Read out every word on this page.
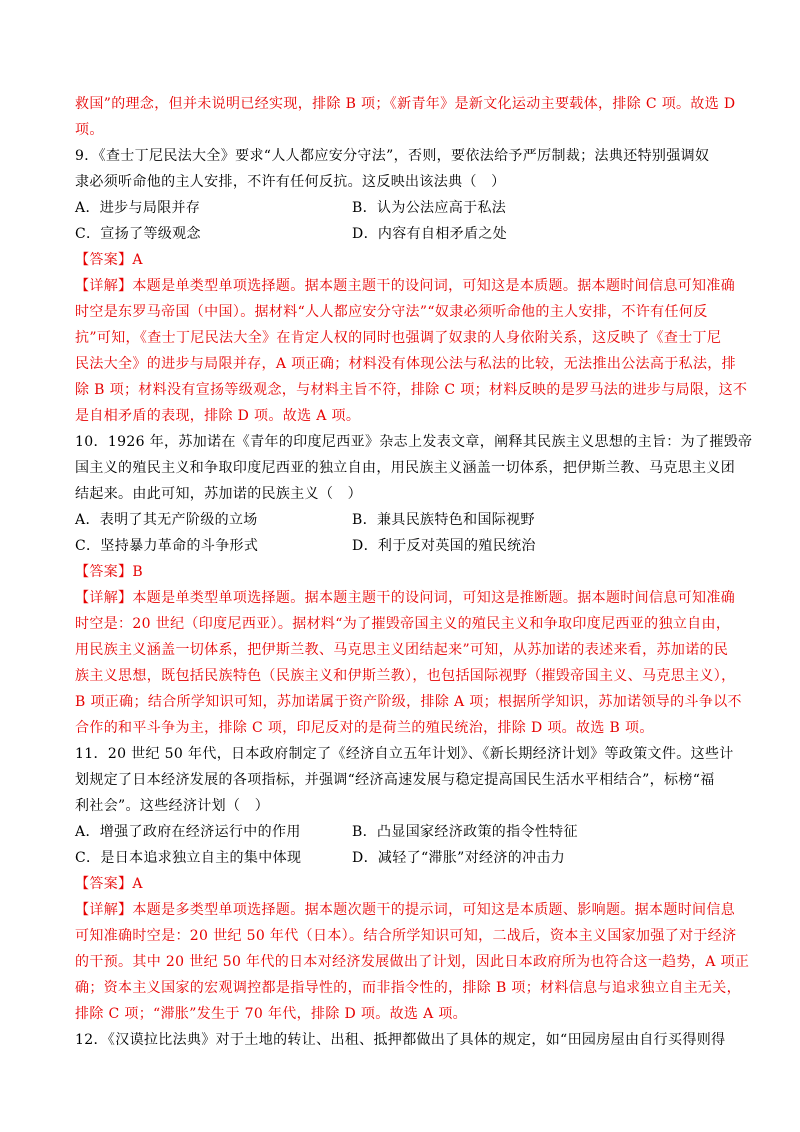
救国”的理念，但并未说明已经实现，排除 B 项；《新青年》是新文化运动主要载体，排除 C 项。故选 D
项。
9．《查士丁尼民法大全》要求“人人都应安分守法”，否则，要依法给予严厉制裁；法典还特别强调奴
隶必须听命他的主人安排，不许有任何反抗。这反映出该法典（　）
A．进步与局限并存	B．认为公法应高于私法
C．宣扬了等级观念	D．内容有自相矛盾之处
【答案】A
【详解】本题是单类型单项选择题。据本题主题干的设问词，可知这是本质题。据本题时间信息可知准确
时空是东罗马帝国（中国）。据材料“人人都应安分守法”“奴隶必须听命他的主人安排，不许有任何反
抗”可知，《查士丁尼民法大全》在肯定人权的同时也强调了奴隶的人身依附关系，这反映了《查士丁尼
民法大全》的进步与局限并存，A 项正确；材料没有体现公法与私法的比较，无法推出公法高于私法，排
除 B 项；材料没有宣扬等级观念，与材料主旨不符，排除 C 项；材料反映的是罗马法的进步与局限，这不
是自相矛盾的表现，排除 D 项。故选 A 项。
10．1926 年，苏加诺在《青年的印度尼西亚》杂志上发表文章，阐释其民族主义思想的主旨：为了摧毁帝
国主义的殖民主义和争取印度尼西亚的独立自由，用民族主义涵盖一切体系，把伊斯兰教、马克思主义团
结起来。由此可知，苏加诺的民族主义（　）
A．表明了其无产阶级的立场	B．兼具民族特色和国际视野
C．坚持暴力革命的斗争形式	D．利于反对英国的殖民统治
【答案】B
【详解】本题是单类型单项选择题。据本题主题干的设问词，可知这是推断题。据本题时间信息可知准确
时空是：20 世纪（印度尼西亚）。据材料“为了摧毁帝国主义的殖民主义和争取印度尼西亚的独立自由，
用民族主义涵盖一切体系，把伊斯兰教、马克思主义团结起来”可知，从苏加诺的表述来看，苏加诺的民
族主义思想，既包括民族特色（民族主义和伊斯兰教），也包括国际视野（摧毁帝国主义、马克思主义），
B 项正确；结合所学知识可知，苏加诺属于资产阶级，排除 A 项；根据所学知识，苏加诺领导的斗争以不
合作的和平斗争为主，排除 C 项，印尼反对的是荷兰的殖民统治，排除 D 项。故选 B 项。
11．20 世纪 50 年代，日本政府制定了《经济自立五年计划》、《新长期经济计划》等政策文件。这些计
划规定了日本经济发展的各项指标，并强调“经济高速发展与稳定提高国民生活水平相结合”，标榜“福
利社会”。这些经济计划（　）
A．增强了政府在经济运行中的作用	B．凸显国家经济政策的指令性特征
C．是日本追求独立自主的集中体现	D．减轻了“滞胀”对经济的冲击力
【答案】A
【详解】本题是多类型单项选择题。据本题次题干的提示词，可知这是本质题、影响题。据本题时间信息
可知准确时空是：20 世纪 50 年代（日本）。结合所学知识可知，二战后，资本主义国家加强了对于经济
的干预。其中 20 世纪 50 年代的日本对经济发展做出了计划，因此日本政府所为也符合这一趋势，A 项正
确；资本主义国家的宏观调控都是指导性的，而非指令性的，排除 B 项；材料信息与追求独立自主无关，
排除 C 项；“滞胀”发生于 70 年代，排除 D 项。故选 A 项。
12．《汉谟拉比法典》对于土地的转让、出租、抵押都做出了具体的规定，如“田园房屋由自行买得则得
